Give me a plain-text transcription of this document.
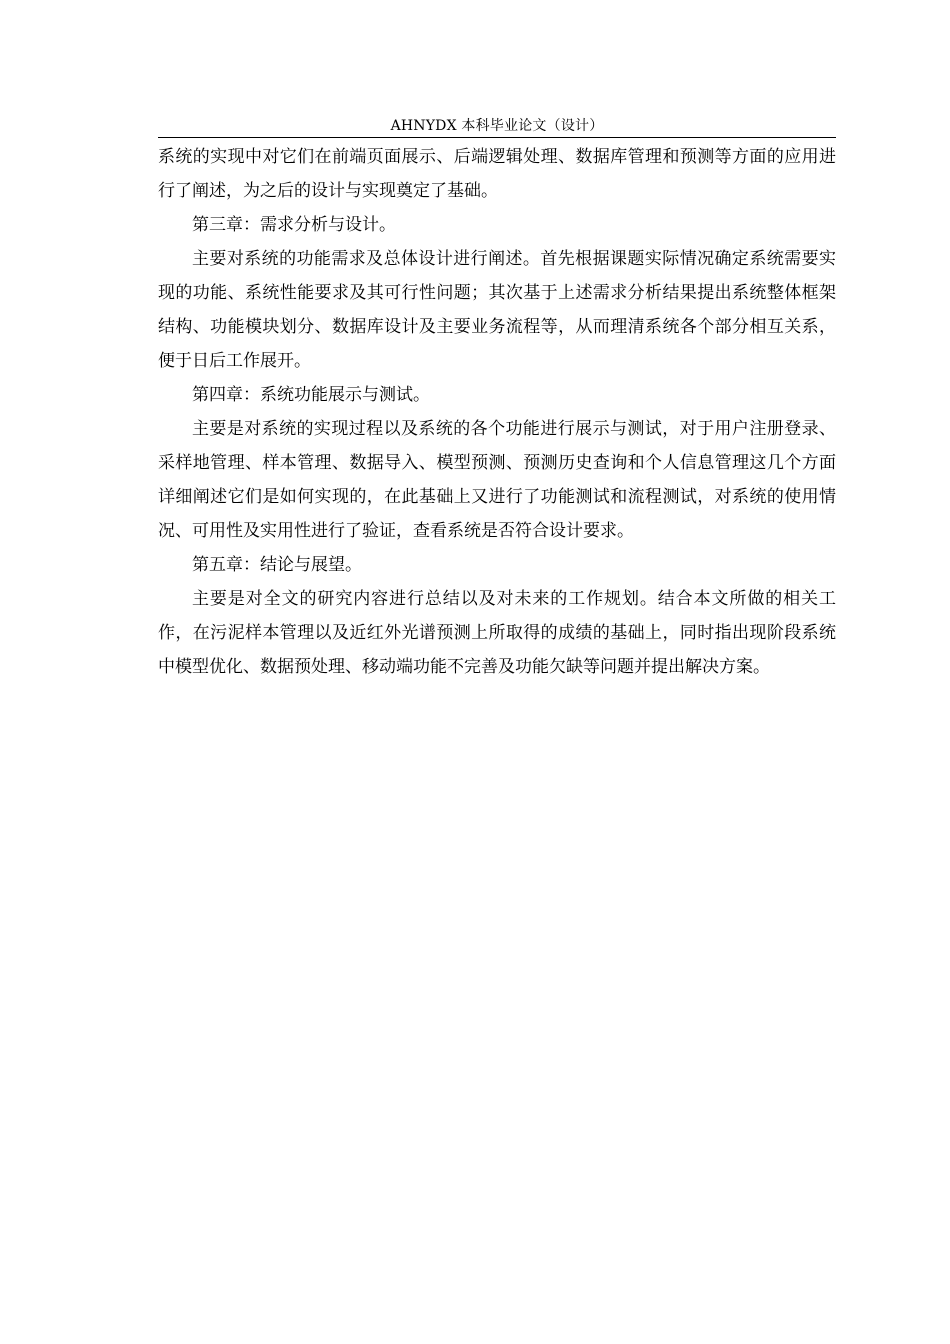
AHNYDX 本科毕业论文（设计）

系统的实现中对它们在前端页面展示、后端逻辑处理、数据库管理和预测等方面的应用进行了阐述，为之后的设计与实现奠定了基础。

第三章：需求分析与设计。

主要对系统的功能需求及总体设计进行阐述。首先根据课题实际情况确定系统需要实现的功能、系统性能要求及其可行性问题；其次基于上述需求分析结果提出系统整体框架结构、功能模块划分、数据库设计及主要业务流程等，从而理清系统各个部分相互关系，便于日后工作展开。

第四章：系统功能展示与测试。

主要是对系统的实现过程以及系统的各个功能进行展示与测试，对于用户注册登录、采样地管理、样本管理、数据导入、模型预测、预测历史查询和个人信息管理这几个方面详细阐述它们是如何实现的，在此基础上又进行了功能测试和流程测试，对系统的使用情况、可用性及实用性进行了验证，查看系统是否符合设计要求。

第五章：结论与展望。

主要是对全文的研究内容进行总结以及对未来的工作规划。结合本文所做的相关工作，在污泥样本管理以及近红外光谱预测上所取得的成绩的基础上，同时指出现阶段系统中模型优化、数据预处理、移动端功能不完善及功能欠缺等问题并提出解决方案。
